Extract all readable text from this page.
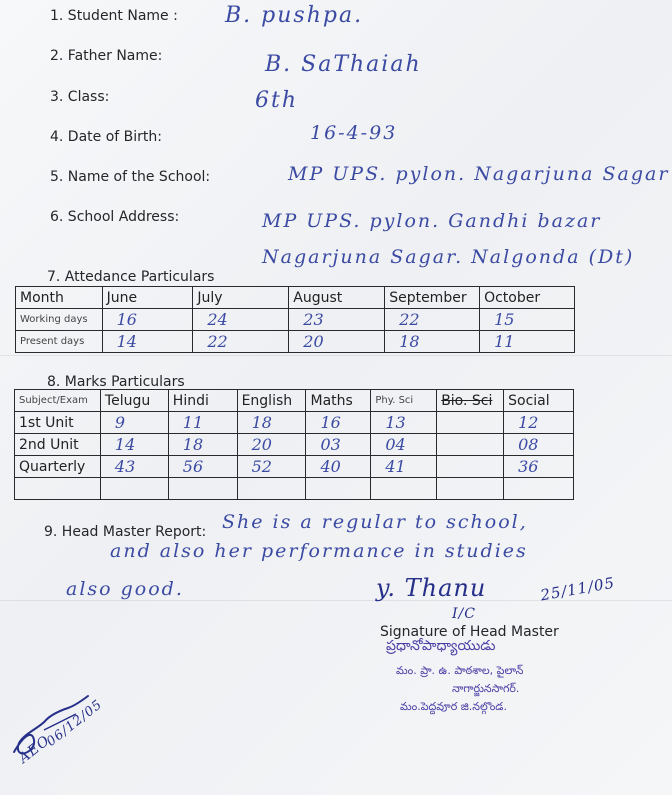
1. Student Name : B. pushpa.
2. Father Name:	B. SaThaiah
3. Class:	6th
4. Date of Birth:	16-4-93
5. Name of the School:	MP UPS. pylon. Nagarjuna Sagar
6. School Address:	MP UPS. pylon. Gandhi bazar
Nagarjuna Sagar. Nalgonda (Dt)
7. Attedance Particulars
Month	June	July	August	September	October
Working days	16	24	23	22	15
Present days	14	22	20	18	11
8. Marks Particulars
Subject/Exam	Telugu	Hindi	English	Maths	Phy. Sci	Bio. Sci	Social
1st Unit	9	11	18	16	13		12
2nd Unit	14	18	20	03	04		08
Quarterly	43	56	52	40	41		36

9. Head Master Report: She is a regular to school,
and also her performance in studies
also good.	y. Thanu	25/11/05
I/C
Signature of Head Master
ప్రధానోపాధ్యాయుడు
మం. ప్రా. ఉ. పాఠశాల, పైలాన్
నాగార్జునసాగర్.
మం.పెద్దవూర జి.నల్గొండ.
AEO
06/12/05
